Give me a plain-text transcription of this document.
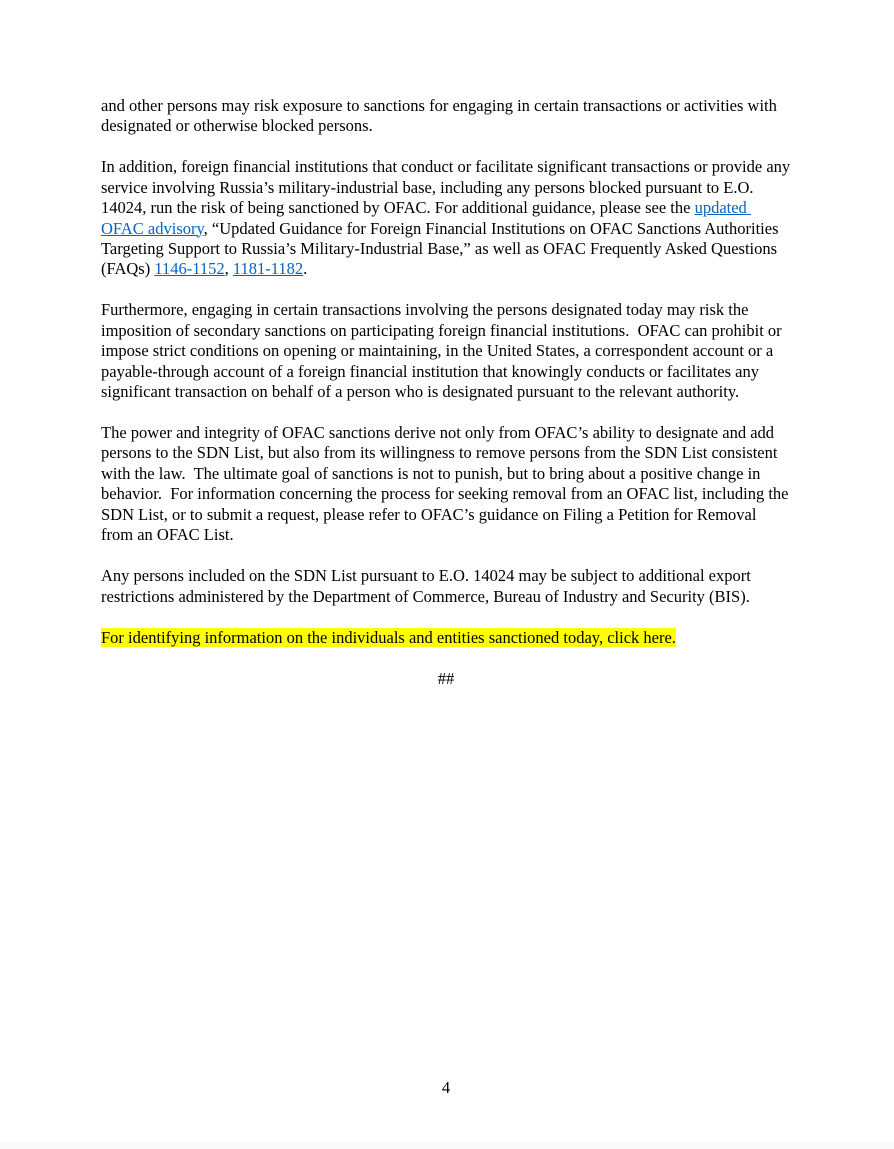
and other persons may risk exposure to sanctions for engaging in certain transactions or activities with designated or otherwise blocked persons.

In addition, foreign financial institutions that conduct or facilitate significant transactions or provide any service involving Russia’s military-industrial base, including any persons blocked pursuant to E.O. 14024, run the risk of being sanctioned by OFAC. For additional guidance, please see the updated OFAC advisory, “Updated Guidance for Foreign Financial Institutions on OFAC Sanctions Authorities Targeting Support to Russia’s Military-Industrial Base,” as well as OFAC Frequently Asked Questions (FAQs) 1146-1152, 1181-1182.

Furthermore, engaging in certain transactions involving the persons designated today may risk the imposition of secondary sanctions on participating foreign financial institutions.  OFAC can prohibit or impose strict conditions on opening or maintaining, in the United States, a correspondent account or a payable-through account of a foreign financial institution that knowingly conducts or facilitates any significant transaction on behalf of a person who is designated pursuant to the relevant authority.

The power and integrity of OFAC sanctions derive not only from OFAC’s ability to designate and add persons to the SDN List, but also from its willingness to remove persons from the SDN List consistent with the law.  The ultimate goal of sanctions is not to punish, but to bring about a positive change in behavior.  For information concerning the process for seeking removal from an OFAC list, including the SDN List, or to submit a request, please refer to OFAC’s guidance on Filing a Petition for Removal from an OFAC List.

Any persons included on the SDN List pursuant to E.O. 14024 may be subject to additional export restrictions administered by the Department of Commerce, Bureau of Industry and Security (BIS).

For identifying information on the individuals and entities sanctioned today, click here.

##
4
